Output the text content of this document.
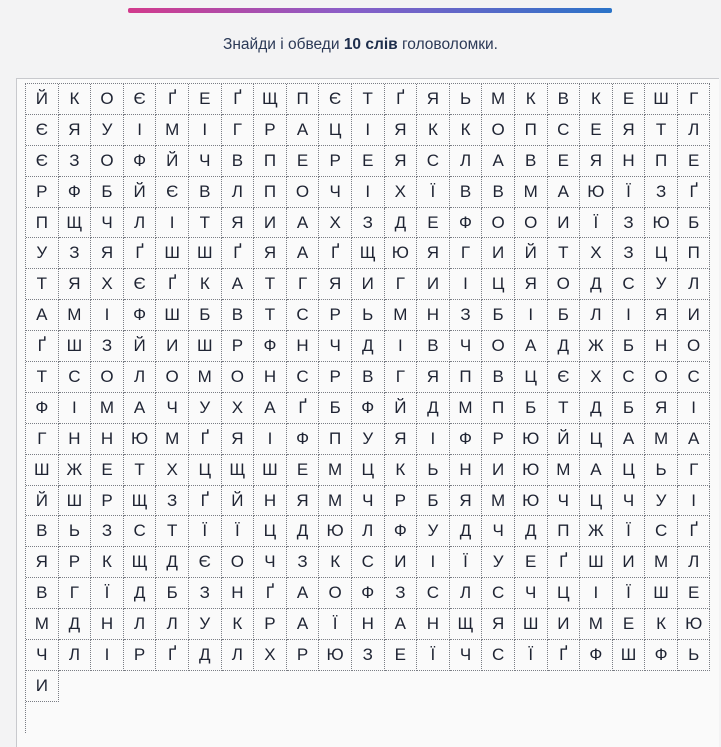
Знайди і обведи 10 слів головоломки.
Й	К	О	Є	Ґ	Е	Ґ	Щ	П	Є	Т	Ґ	Я	Ь	М	К	В	К	Е	Ш	Г
Є	Я	У	І	М	І	Г	Р	А	Ц	І	Я	К	К	О	П	С	Е	Я	Т	Л
Є	З	О	Ф	Й	Ч	В	П	Е	Р	Е	Я	С	Л	А	В	Е	Я	Н	П	Е
Р	Ф	Б	Й	Є	В	Л	П	О	Ч	І	Х	Ї	В	В	М	А	Ю	Ї	З	Ґ
П	Щ	Ч	Л	І	Т	Я	И	А	Х	З	Д	Е	Ф	О	О	И	Ї	З	Ю	Б
У	З	Я	Ґ	Ш	Ш	Ґ	Я	А	Ґ	Щ Ю	Я	Г	И	Й	Т	Х	З	Ц	П
Т	Я	Х	Є	Ґ	К	А	Т	Г	Я	И	Г	И	І	Ц	Я	О	Д	С	У	Л
А	М	І	Ф	Ш	Б	В	Т	С	Р	Ь	М	Н	З	Б	І	Б	Л	І	Я	И
Ґ	Ш	З	Й	И	Ш	Р	Ф	Н	Ч	Д	І	В	Ч	О	А	Д	Ж	Б	Н	О
Т	С	О	Л	О	М	О	Н	С	Р	В	Г	Я	П	В	Ц	Є	Х	С	О	С
Ф	І	М	А	Ч	У	Х	А	Ґ	Б	Ф	Й	Д	М	П	Б	Т	Д	Б	Я	І
Г	Н	Н	Ю М	Ґ	Я	І	Ф	П	У	Я	І	Ф	Р	Ю	Й	Ц	А	М	А
Ш Ж	Е	Т	Х	Ц	Щ Ш	Е	М	Ц	К	Ь	Н	И	Ю М	А	Ц	Ь	Г
Й	Ш	Р	Щ	З	Ґ	Й	Н	Я	М	Ч	Р	Б	Я	М Ю	Ч	Ц	Ч	У	І
В	Ь	З	С	Т	Ї	Ї	Ц	Д	Ю	Л	Ф	У	Д	Ч	Д	П	Ж	Ї	С	Ґ
Я	Р	К	Щ	Д	Є	О	Ч	З	К	С	И	І	Ї	У	Е	Ґ	Ш	И	М	Л
В	Г	Ї	Д	Б	З	Н	Ґ	А	О	Ф	З	С	Л	С	Ч	Ц	І	Ї	Ш	Е
М	Д	Н	Л	Л	У	К	Р	А	Ї	Н	А	Н	Щ	Я	Ш	И	М	Е	К	Ю
Ч	Л	І	Р	Ґ	Д	Л	Х	Р	Ю	З	Е	Ї	Ч	С	Ї	Ґ	Ф	Ш	Ф	Ь
И
